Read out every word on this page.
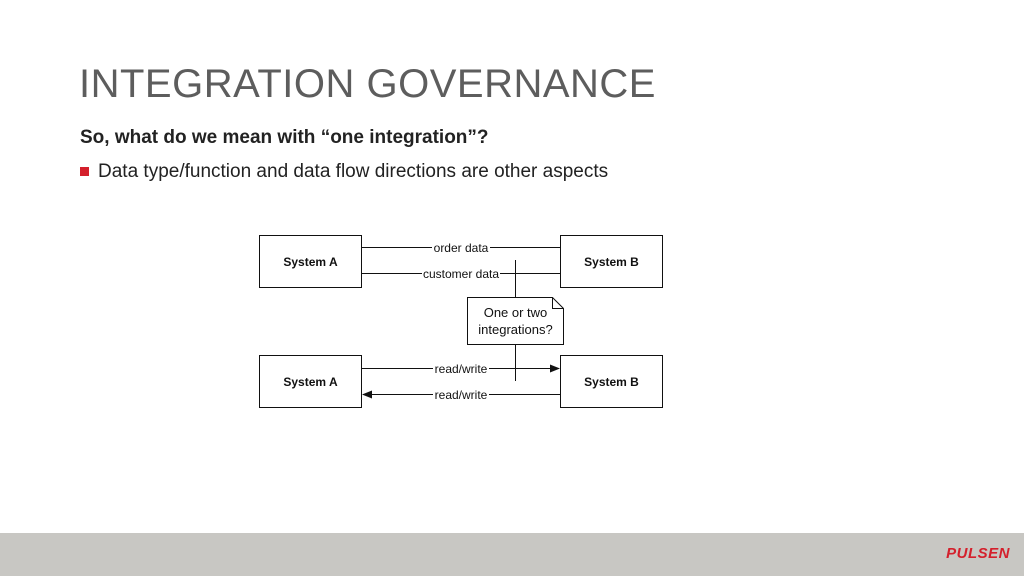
INTEGRATION GOVERNANCE
So, what do we mean with “one integration”?
Data type/function and data flow directions are other aspects
System A	System B
order data
customer data
One or two
integrations?
System A	System B
read/write
read/write
PULSEN
